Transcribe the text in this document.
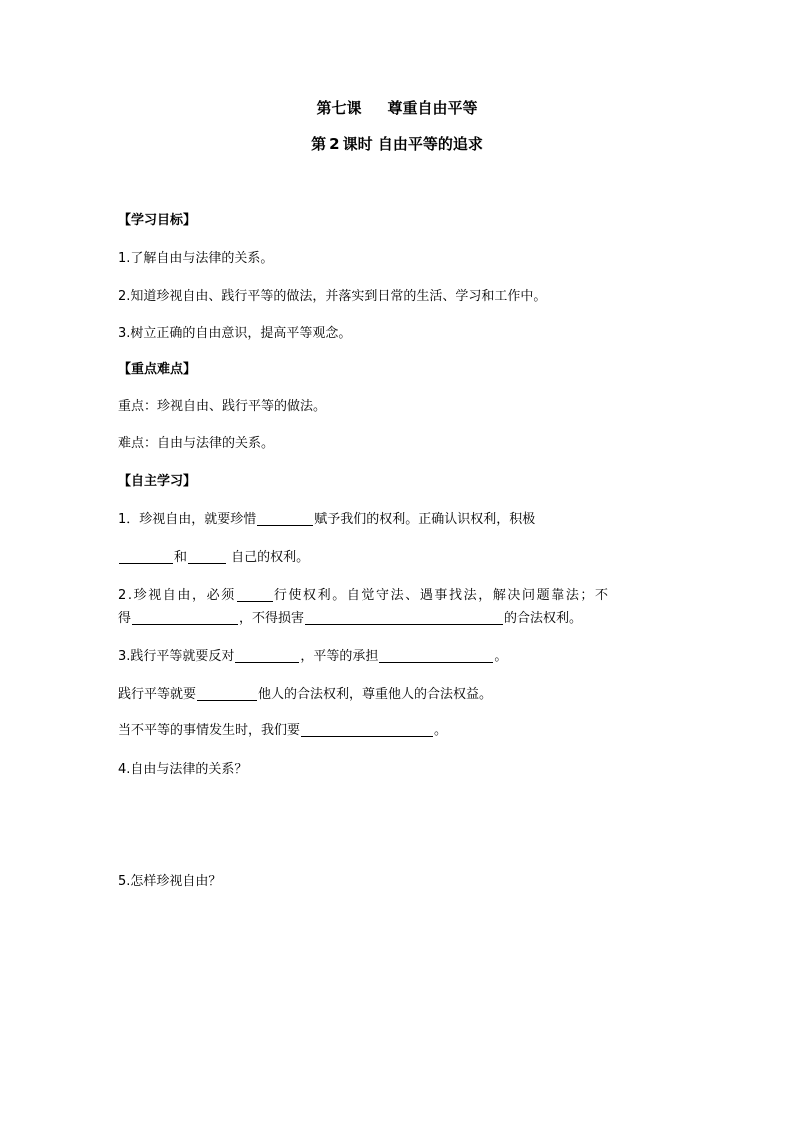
第七课 尊重自由平等
第 2 课时 自由平等的追求
【学习目标】
1.了解自由与法律的关系。
2.知道珍视自由、践行平等的做法，并落实到日常的生活、学习和工作中。
3.树立正确的自由意识，提高平等观念。
【重点难点】
重点：珍视自由、践行平等的做法。
难点：自由与法律的关系。
【自主学习】
1．珍视自由，就要珍惜	赋予我们的权利。正确认识权利，积极
和	自己的权利。
2.珍视自由，必须	行使权利。自觉守法、遇事找法，解决问题靠法；不
得	，不得损害	的合法权利。
3.践行平等就要反对	，平等的承担	。
践行平等就要	他人的合法权利，尊重他人的合法权益。
当不平等的事情发生时，我们要	。
4.自由与法律的关系？
5.怎样珍视自由？
